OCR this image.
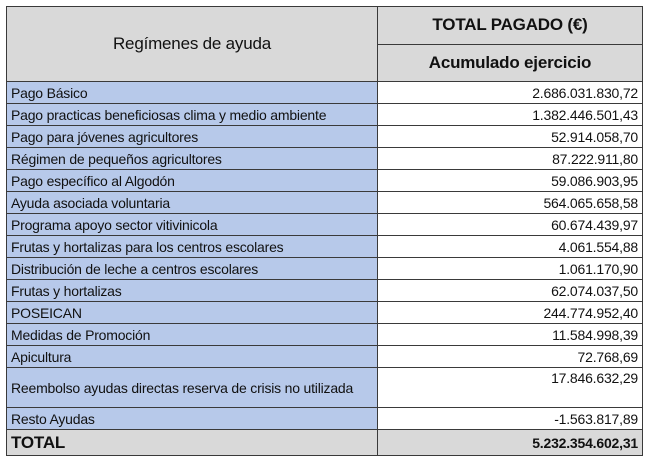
Regímenes de ayuda	TOTAL PAGADO (€)
	Acumulado ejercicio
Pago Básico	2.686.031.830,72
Pago practicas beneficiosas clima y medio ambiente	1.382.446.501,43
Pago para jóvenes agricultores	52.914.058,70
Régimen de pequeños agricultores	87.222.911,80
Pago específico al Algodón	59.086.903,95
Ayuda asociada voluntaria	564.065.658,58
Programa apoyo sector vitivinicola	60.674.439,97
Frutas y hortalizas para los centros escolares	4.061.554,88
Distribución de leche a centros escolares	1.061.170,90
Frutas y hortalizas	62.074.037,50
POSEICAN	244.774.952,40
Medidas de Promoción	11.584.998,39
Apicultura	72.768,69
Reembolso ayudas directas reserva de crisis no utilizada	17.846.632,29
Resto Ayudas	-1.563.817,89
TOTAL	5.232.354.602,31
